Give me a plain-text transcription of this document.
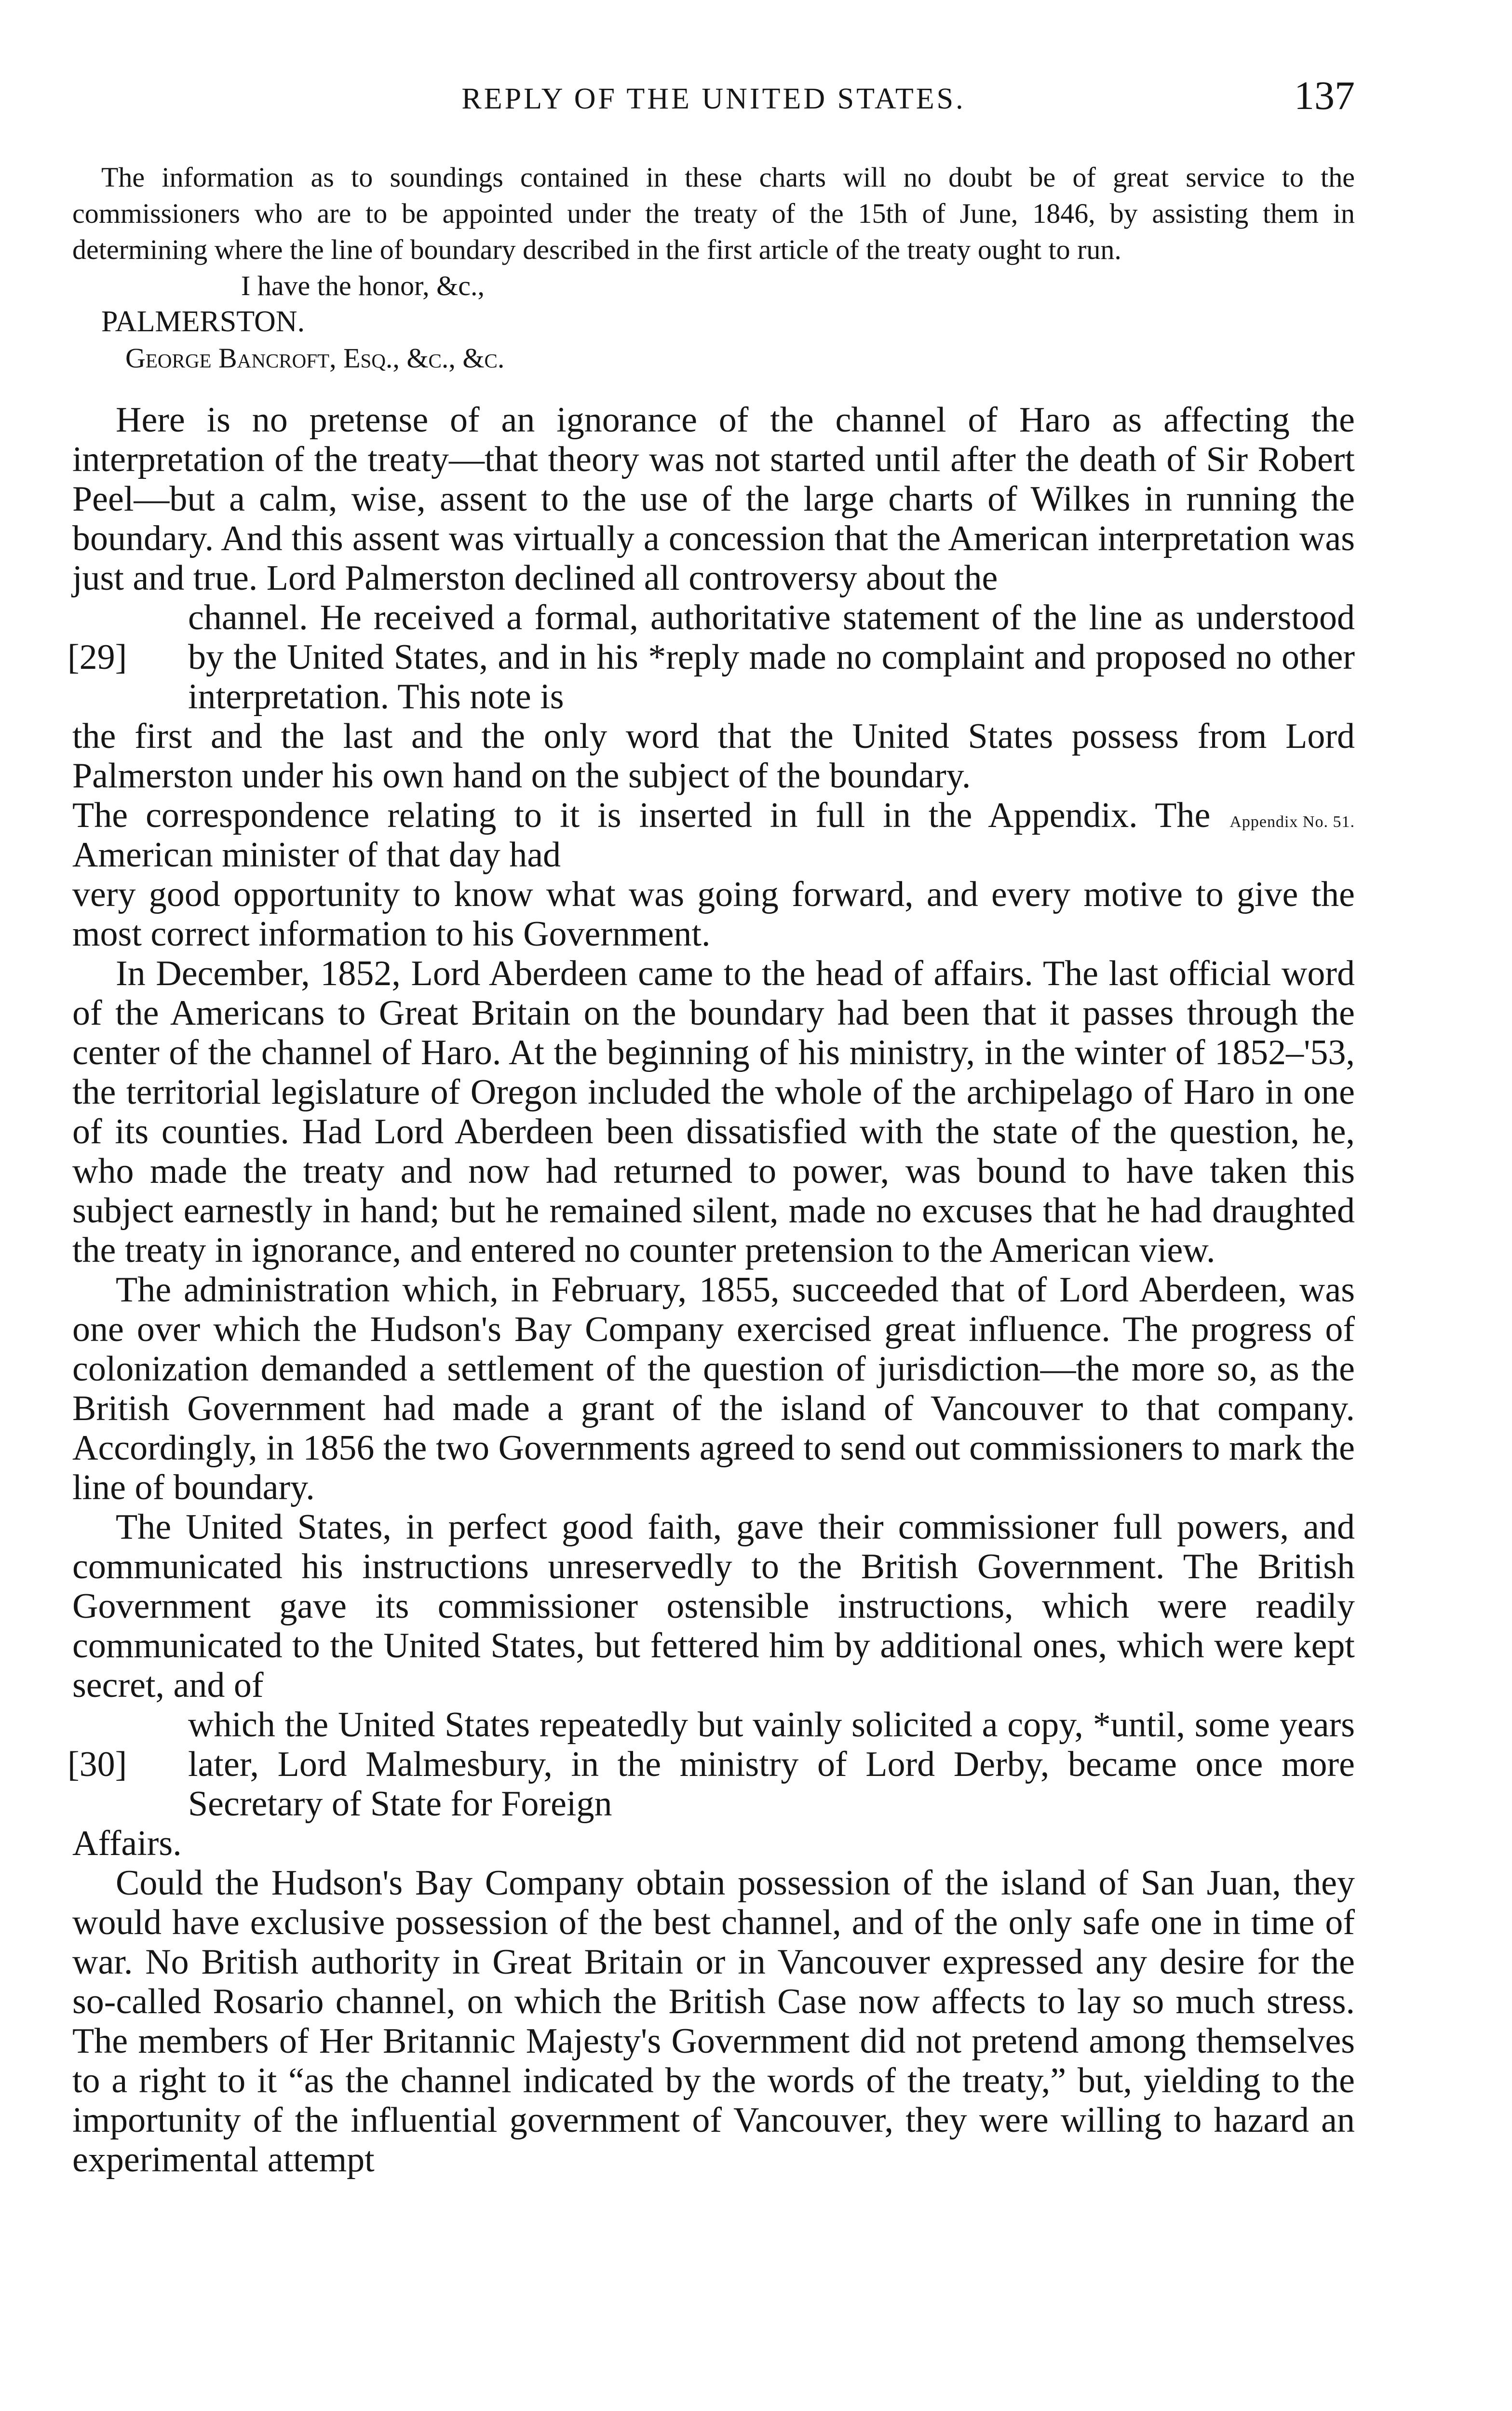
REPLY OF THE UNITED STATES.	137

The information as to soundings contained in these charts will no doubt be of great service to the commissioners who are to be appointed under the treaty of the 15th of June, 1846, by assisting them in determining where the line of boundary described in the first article of the treaty ought to run.

I have the honor, &c.,

PALMERSTON.

George Bancroft, Esq., &c., &c.

Here is no pretense of an ignorance of the channel of Haro as affecting the interpretation of the treaty—that theory was not started until after the death of Sir Robert Peel—but a calm, wise, assent to the use of the large charts of Wilkes in running the boundary. And this assent was virtually a concession that the American interpretation was just and true. Lord Palmerston declined all controversy about the

[29]

channel. He received a formal, authoritative statement of the line as understood by the United States, and in his *reply made no complaint and proposed no other interpretation. This note is

the first and the last and the only word that the United States possess from Lord Palmerston under his own hand on the subject of the boundary.

The correspondence relating to it is inserted in full in the Appendix. The American minister of that day had

Appendix No. 51.

very good opportunity to know what was going forward, and every motive to give the most correct information to his Government.

In December, 1852, Lord Aberdeen came to the head of affairs. The last official word of the Americans to Great Britain on the boundary had been that it passes through the center of the channel of Haro. At the beginning of his ministry, in the winter of 1852–'53, the territorial legislature of Oregon included the whole of the archipelago of Haro in one of its counties. Had Lord Aberdeen been dissatisfied with the state of the question, he, who made the treaty and now had returned to power, was bound to have taken this subject earnestly in hand; but he remained silent, made no excuses that he had draughted the treaty in ignorance, and entered no counter pretension to the American view.

The administration which, in February, 1855, succeeded that of Lord Aberdeen, was one over which the Hudson's Bay Company exercised great influence. The progress of colonization demanded a settlement of the question of jurisdiction—the more so, as the British Government had made a grant of the island of Vancouver to that company. Accordingly, in 1856 the two Governments agreed to send out commissioners to mark the line of boundary.

The United States, in perfect good faith, gave their commissioner full powers, and communicated his instructions unreservedly to the British Government. The British Government gave its commissioner ostensible instructions, which were readily communicated to the United States, but fettered him by additional ones, which were kept secret, and of

[30]

which the United States repeatedly but vainly solicited a copy, *until, some years later, Lord Malmesbury, in the ministry of Lord Derby, became once more Secretary of State for Foreign

Affairs.

Could the Hudson's Bay Company obtain possession of the island of San Juan, they would have exclusive possession of the best channel, and of the only safe one in time of war. No British authority in Great Britain or in Vancouver expressed any desire for the so-called Rosario channel, on which the British Case now affects to lay so much stress. The members of Her Britannic Majesty's Government did not pretend among themselves to a right to it “as the channel indicated by the words of the treaty,” but, yielding to the importunity of the influential government of Vancouver, they were willing to hazard an experimental attempt
